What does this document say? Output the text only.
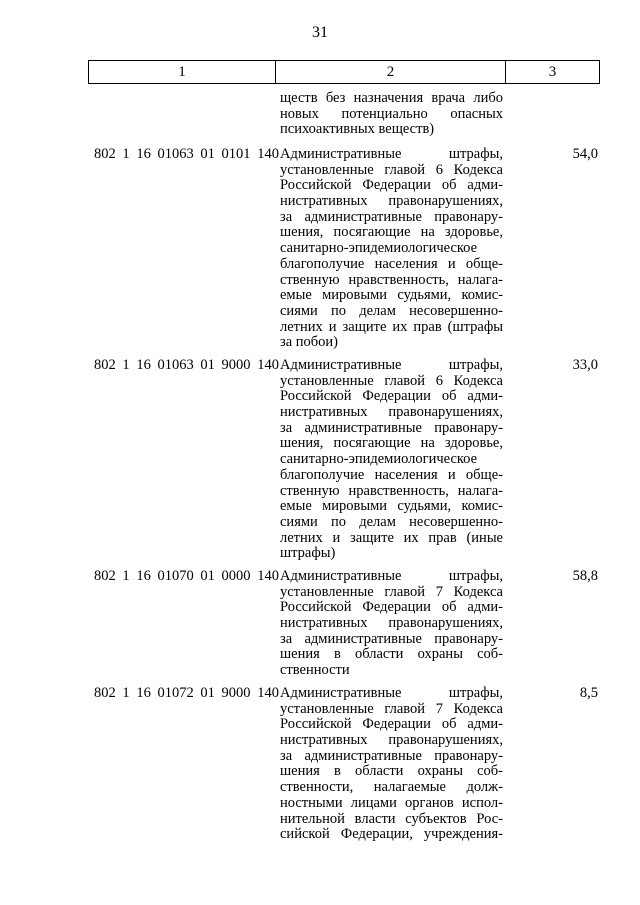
31
1	2	3
ществ без назначения врача либо
новых потенциально опасных
психоактивных веществ)
802 1 16 01063 01 0101 140 Административные штрафы,
установленные главой 6 Кодекса
Российской Федерации об адми-
нистративных правонарушениях,
за административные правонару-
шения, посягающие на здоровье,
санитарно-эпидемиологическое
благополучие населения и обще-
ственную нравственность, налага-
емые мировыми судьями, комис-
сиями по делам несовершенно-
летних и защите их прав (штрафы
за побои)
54,0
802 1 16 01063 01 9000 140 Административные штрафы,
установленные главой 6 Кодекса
Российской Федерации об адми-
нистративных правонарушениях,
за административные правонару-
шения, посягающие на здоровье,
санитарно-эпидемиологическое
благополучие населения и обще-
ственную нравственность, налага-
емые мировыми судьями, комис-
сиями по делам несовершенно-
летних и защите их прав (иные
штрафы)
33,0
802 1 16 01070 01 0000 140 Административные штрафы,
установленные главой 7 Кодекса
Российской Федерации об адми-
нистративных правонарушениях,
за административные правонару-
шения в области охраны соб-
ственности
58,8
802 1 16 01072 01 9000 140 Административные штрафы,
установленные главой 7 Кодекса
Российской Федерации об адми-
нистративных правонарушениях,
за административные правонару-
шения в области охраны соб-
ственности, налагаемые долж-
ностными лицами органов испол-
нительной власти субъектов Рос-
сийской Федерации, учреждения-
8,5
